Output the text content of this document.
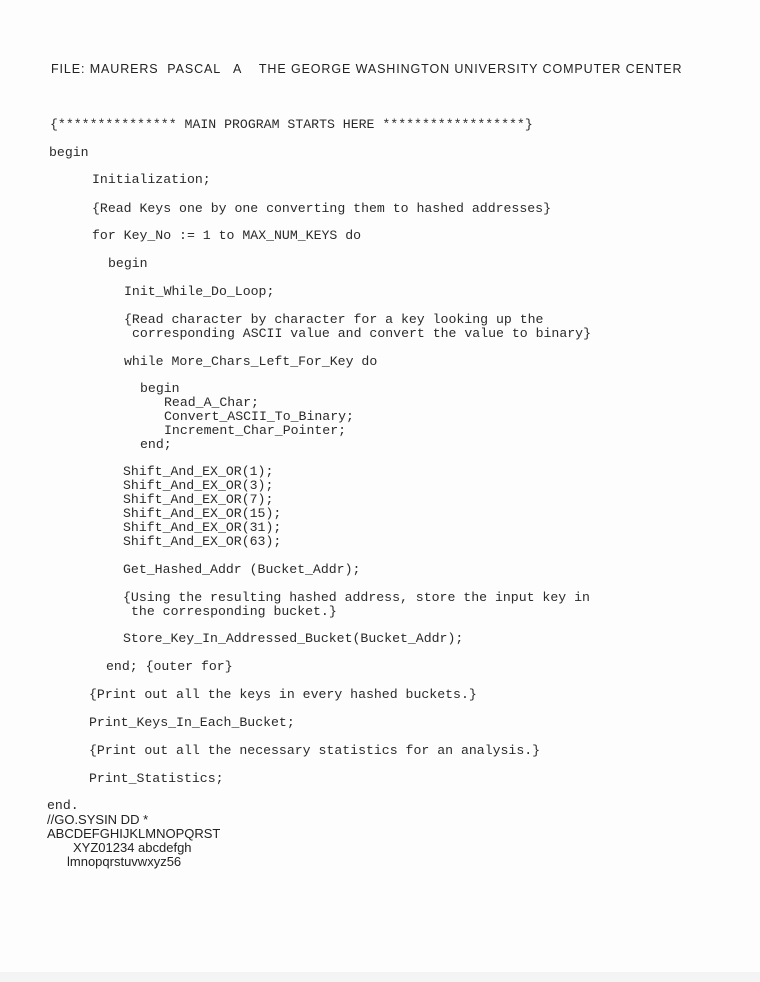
FILE: MAURERS  PASCAL   A    THE GEORGE WASHINGTON UNIVERSITY COMPUTER CENTER
{*************** MAIN PROGRAM STARTS HERE ******************}
begin
Initialization;
{Read Keys one by one converting them to hashed addresses}
for Key_No := 1 to MAX_NUM_KEYS do
begin
Init_While_Do_Loop;
{Read character by character for a key looking up the
corresponding ASCII value and convert the value to binary}
while More_Chars_Left_For_Key do
begin
Read_A_Char;
Convert_ASCII_To_Binary;
Increment_Char_Pointer;
end;
Shift_And_EX_OR(1);
Shift_And_EX_OR(3);
Shift_And_EX_OR(7);
Shift_And_EX_OR(15);
Shift_And_EX_OR(31);
Shift_And_EX_OR(63);
Get_Hashed_Addr (Bucket_Addr);
{Using the resulting hashed address, store the input key in
the corresponding bucket.}
Store_Key_In_Addressed_Bucket(Bucket_Addr);
end; {outer for}
{Print out all the keys in every hashed buckets.}
Print_Keys_In_Each_Bucket;
{Print out all the necessary statistics for an analysis.}
Print_Statistics;
end.
//GO.SYSIN DD *
ABCDEFGHIJKLMNOPQRST
XYZ01234 abcdefgh
lmnopqrstuvwxyz56
